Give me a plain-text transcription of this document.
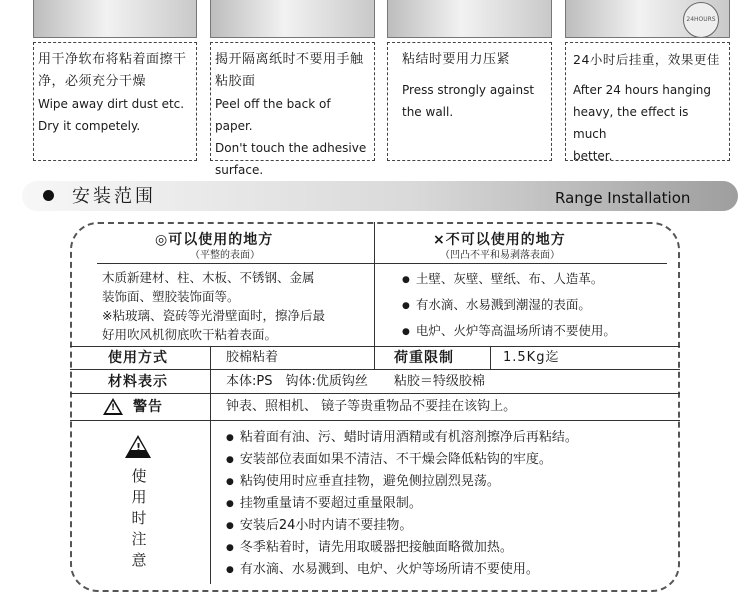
24HOURS
用干净软布将粘着面擦干净，必须充分干燥
Wipe away dirt dust etc.
Dry it competely.
揭开隔离纸时不要用手触粘胶面
Peel off the back of paper.
Don't touch the adhesive
surface.
粘结时要用力压紧
Press strongly against
the wall.
24小时后挂重，效果更佳
After 24 hours hanging
heavy, the effect is much
better.
安装范围	Range Installation
◎可以使用的地方
（平整的表面）
×不可以使用的地方
（凹凸不平和易剥落表面）
木质新建材、柱、木板、不锈钢、金属
装饰面、塑胶装饰面等。
※粘玻璃、瓷砖等光滑壁面时，擦净后最
好用吹风机彻底吹干粘着表面。
● 土壁、灰壁、壁纸、布、人造革。
● 有水滴、水易溅到潮湿的表面。
● 电炉、火炉等高温场所请不要使用。
使用方式	胶棉粘着	荷重限制	1.5Kg迄
材料表示	本体:PS　钩体:优质钩丝　　粘胶＝特级胶棉
! 警告	钟表、照相机、 镜子等贵重物品不要挂在该钩上。
!
使用时注意
● 粘着面有油、污、蜡时请用酒精或有机溶剂擦净后再粘结。
● 安装部位表面如果不清洁、不干燥会降低粘钩的牢度。
● 粘钩使用时应垂直挂物，避免侧拉剧烈晃荡。
● 挂物重量请不要超过重量限制。
● 安装后24小时内请不要挂物。
● 冬季粘着时，请先用取暖器把接触面略微加热。
● 有水滴、水易溅到、电炉、火炉等场所请不要使用。
